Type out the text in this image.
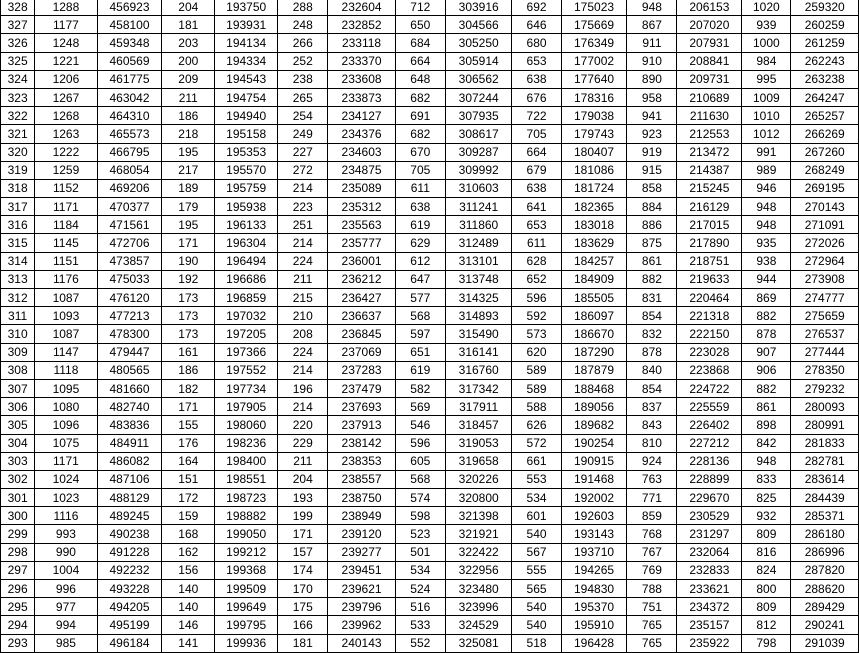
328	1288	456923	204	193750	288	232604	712	303916	692	175023	948	206153	1020	259320
327	1177	458100	181	193931	248	232852	650	304566	646	175669	867	207020	939	260259
326	1248	459348	203	194134	266	233118	684	305250	680	176349	911	207931	1000	261259
325	1221	460569	200	194334	252	233370	664	305914	653	177002	910	208841	984	262243
324	1206	461775	209	194543	238	233608	648	306562	638	177640	890	209731	995	263238
323	1267	463042	211	194754	265	233873	682	307244	676	178316	958	210689	1009	264247
322	1268	464310	186	194940	254	234127	691	307935	722	179038	941	211630	1010	265257
321	1263	465573	218	195158	249	234376	682	308617	705	179743	923	212553	1012	266269
320	1222	466795	195	195353	227	234603	670	309287	664	180407	919	213472	991	267260
319	1259	468054	217	195570	272	234875	705	309992	679	181086	915	214387	989	268249
318	1152	469206	189	195759	214	235089	611	310603	638	181724	858	215245	946	269195
317	1171	470377	179	195938	223	235312	638	311241	641	182365	884	216129	948	270143
316	1184	471561	195	196133	251	235563	619	311860	653	183018	886	217015	948	271091
315	1145	472706	171	196304	214	235777	629	312489	611	183629	875	217890	935	272026
314	1151	473857	190	196494	224	236001	612	313101	628	184257	861	218751	938	272964
313	1176	475033	192	196686	211	236212	647	313748	652	184909	882	219633	944	273908
312	1087	476120	173	196859	215	236427	577	314325	596	185505	831	220464	869	274777
311	1093	477213	173	197032	210	236637	568	314893	592	186097	854	221318	882	275659
310	1087	478300	173	197205	208	236845	597	315490	573	186670	832	222150	878	276537
309	1147	479447	161	197366	224	237069	651	316141	620	187290	878	223028	907	277444
308	1118	480565	186	197552	214	237283	619	316760	589	187879	840	223868	906	278350
307	1095	481660	182	197734	196	237479	582	317342	589	188468	854	224722	882	279232
306	1080	482740	171	197905	214	237693	569	317911	588	189056	837	225559	861	280093
305	1096	483836	155	198060	220	237913	546	318457	626	189682	843	226402	898	280991
304	1075	484911	176	198236	229	238142	596	319053	572	190254	810	227212	842	281833
303	1171	486082	164	198400	211	238353	605	319658	661	190915	924	228136	948	282781
302	1024	487106	151	198551	204	238557	568	320226	553	191468	763	228899	833	283614
301	1023	488129	172	198723	193	238750	574	320800	534	192002	771	229670	825	284439
300	1116	489245	159	198882	199	238949	598	321398	601	192603	859	230529	932	285371
299	993	490238	168	199050	171	239120	523	321921	540	193143	768	231297	809	286180
298	990	491228	162	199212	157	239277	501	322422	567	193710	767	232064	816	286996
297	1004	492232	156	199368	174	239451	534	322956	555	194265	769	232833	824	287820
296	996	493228	140	199509	170	239621	524	323480	565	194830	788	233621	800	288620
295	977	494205	140	199649	175	239796	516	323996	540	195370	751	234372	809	289429
294	994	495199	146	199795	166	239962	533	324529	540	195910	765	235157	812	290241
293	985	496184	141	199936	181	240143	552	325081	518	196428	765	235922	798	291039
